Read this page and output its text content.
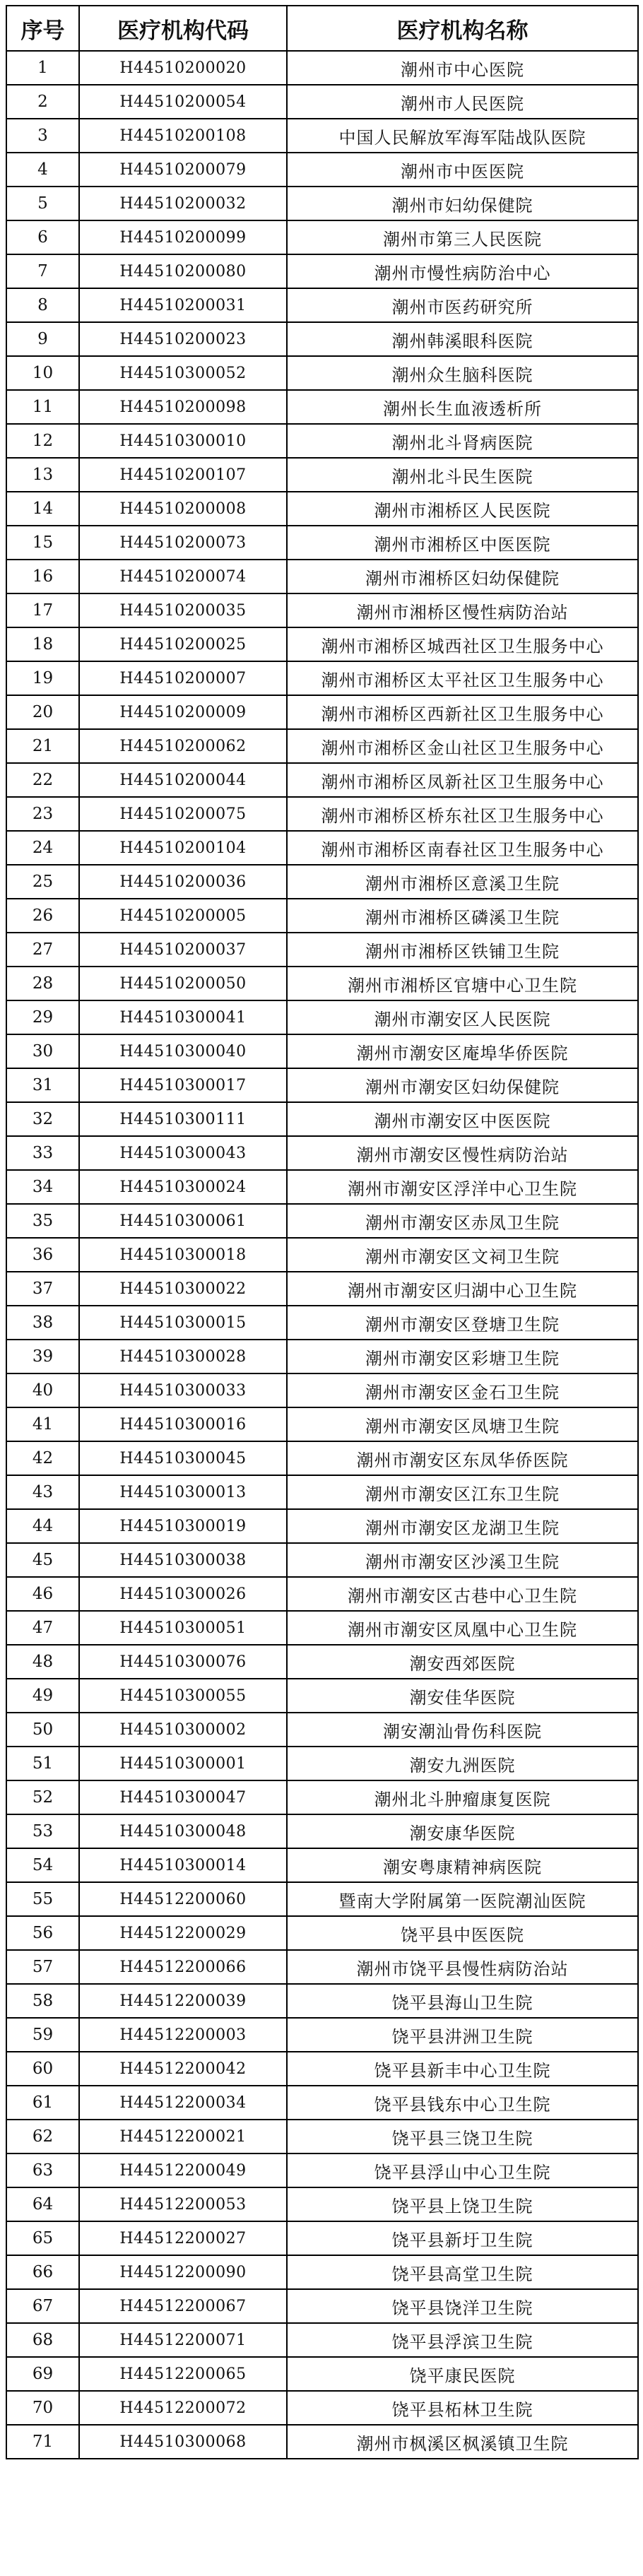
序号	医疗机构代码	医疗机构名称
1	H44510200020	潮州市中心医院
2	H44510200054	潮州市人民医院
3	H44510200108	中国人民解放军海军陆战队医院
4	H44510200079	潮州市中医医院
5	H44510200032	潮州市妇幼保健院
6	H44510200099	潮州市第三人民医院
7	H44510200080	潮州市慢性病防治中心
8	H44510200031	潮州市医药研究所
9	H44510200023	潮州韩溪眼科医院
10	H44510300052	潮州众生脑科医院
11	H44510200098	潮州长生血液透析所
12	H44510300010	潮州北斗肾病医院
13	H44510200107	潮州北斗民生医院
14	H44510200008	潮州市湘桥区人民医院
15	H44510200073	潮州市湘桥区中医医院
16	H44510200074	潮州市湘桥区妇幼保健院
17	H44510200035	潮州市湘桥区慢性病防治站
18	H44510200025	潮州市湘桥区城西社区卫生服务中心
19	H44510200007	潮州市湘桥区太平社区卫生服务中心
20	H44510200009	潮州市湘桥区西新社区卫生服务中心
21	H44510200062	潮州市湘桥区金山社区卫生服务中心
22	H44510200044	潮州市湘桥区凤新社区卫生服务中心
23	H44510200075	潮州市湘桥区桥东社区卫生服务中心
24	H44510200104	潮州市湘桥区南春社区卫生服务中心
25	H44510200036	潮州市湘桥区意溪卫生院
26	H44510200005	潮州市湘桥区磷溪卫生院
27	H44510200037	潮州市湘桥区铁铺卫生院
28	H44510200050	潮州市湘桥区官塘中心卫生院
29	H44510300041	潮州市潮安区人民医院
30	H44510300040	潮州市潮安区庵埠华侨医院
31	H44510300017	潮州市潮安区妇幼保健院
32	H44510300111	潮州市潮安区中医医院
33	H44510300043	潮州市潮安区慢性病防治站
34	H44510300024	潮州市潮安区浮洋中心卫生院
35	H44510300061	潮州市潮安区赤凤卫生院
36	H44510300018	潮州市潮安区文祠卫生院
37	H44510300022	潮州市潮安区归湖中心卫生院
38	H44510300015	潮州市潮安区登塘卫生院
39	H44510300028	潮州市潮安区彩塘卫生院
40	H44510300033	潮州市潮安区金石卫生院
41	H44510300016	潮州市潮安区凤塘卫生院
42	H44510300045	潮州市潮安区东凤华侨医院
43	H44510300013	潮州市潮安区江东卫生院
44	H44510300019	潮州市潮安区龙湖卫生院
45	H44510300038	潮州市潮安区沙溪卫生院
46	H44510300026	潮州市潮安区古巷中心卫生院
47	H44510300051	潮州市潮安区凤凰中心卫生院
48	H44510300076	潮安西郊医院
49	H44510300055	潮安佳华医院
50	H44510300002	潮安潮汕骨伤科医院
51	H44510300001	潮安九洲医院
52	H44510300047	潮州北斗肿瘤康复医院
53	H44510300048	潮安康华医院
54	H44510300014	潮安粤康精神病医院
55	H44512200060	暨南大学附属第一医院潮汕医院
56	H44512200029	饶平县中医医院
57	H44512200066	潮州市饶平县慢性病防治站
58	H44512200039	饶平县海山卫生院
59	H44512200003	饶平县汫洲卫生院
60	H44512200042	饶平县新丰中心卫生院
61	H44512200034	饶平县钱东中心卫生院
62	H44512200021	饶平县三饶卫生院
63	H44512200049	饶平县浮山中心卫生院
64	H44512200053	饶平县上饶卫生院
65	H44512200027	饶平县新圩卫生院
66	H44512200090	饶平县高堂卫生院
67	H44512200067	饶平县饶洋卫生院
68	H44512200071	饶平县浮滨卫生院
69	H44512200065	饶平康民医院
70	H44512200072	饶平县柘林卫生院
71	H44510300068	潮州市枫溪区枫溪镇卫生院
